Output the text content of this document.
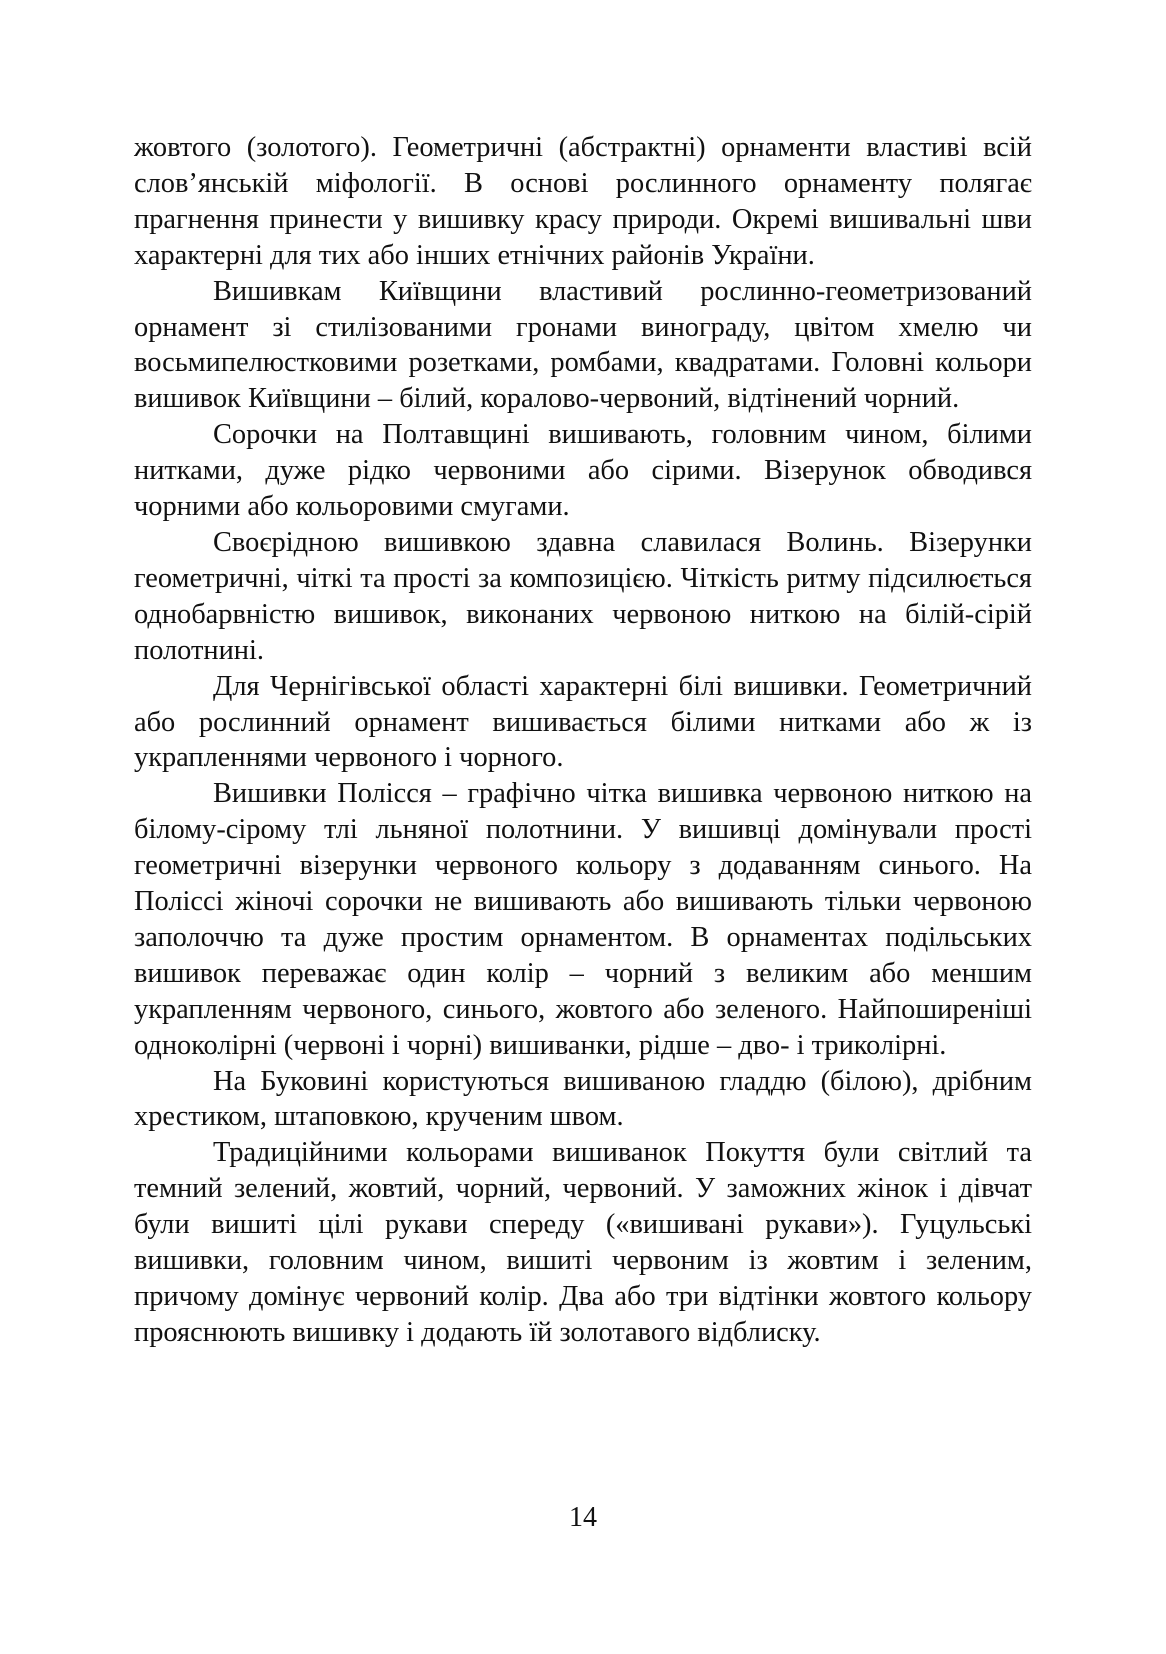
жовтого (золотого). Геометричні (абстрактні) орнаменти властиві всій слов’янській міфології. В основі рослинного орнаменту полягає прагнення принести у вишивку красу природи. Окремі вишивальні шви характерні для тих або інших етнічних районів України.

Вишивкам Київщини властивий рослинно-геометризований орнамент зі стилізованими гронами винограду, цвітом хмелю чи восьмипелюстковими розетками, ромбами, квадратами. Головні кольори вишивок Київщини – білий, коралово-червоний, відтінений чорний.

Сорочки на Полтавщині вишивають, головним чином, білими нитками, дуже рідко червоними або сірими. Візерунок обводився чорними або кольоровими смугами.

Своєрідною вишивкою здавна славилася Волинь. Візерунки геометричні, чіткі та прості за композицією. Чіткість ритму підсилюється однобарвністю вишивок, виконаних червоною ниткою на білій-сірій полотнині.

Для Чернігівської області характерні білі вишивки. Геометричний або рослинний орнамент вишивається білими нитками або ж із украпленнями червоного і чорного.

Вишивки Полісся – графічно чітка вишивка червоною ниткою на білому-сірому тлі льняної полотнини. У вишивці домінували прості геометричні візерунки червоного кольору з додаванням синього. На Поліссі жіночі сорочки не вишивають або вишивають тільки червоною заполоччю та дуже простим орнаментом. В орнаментах подільських вишивок переважає один колір – чорний з великим або меншим украпленням червоного, синього, жовтого або зеленого. Найпоширеніші одноколірні (червоні і чорні) вишиванки, рідше – дво- і триколірні.

На Буковині користуються вишиваною гладдю (білою), дрібним хрестиком, штаповкою, крученим швом.

Традиційними кольорами вишиванок Покуття були світлий та темний зелений, жовтий, чорний, червоний. У заможних жінок і дівчат були вишиті цілі рукави спереду («вишивані рукави»). Гуцульські вишивки, головним чином, вишиті червоним із жовтим і зеленим, причому домінує червоний колір. Два або три відтінки жовтого кольору прояснюють вишивку і додають їй золотавого відблиску.

14
